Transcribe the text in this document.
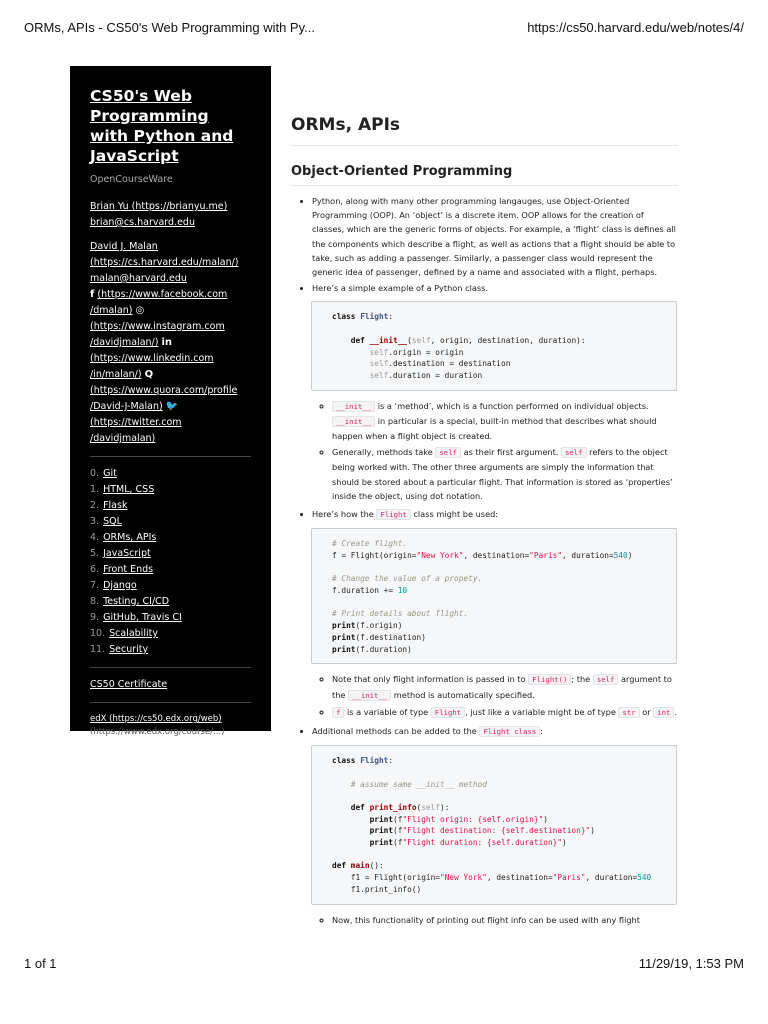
ORMs, APIs - CS50's Web Programming with Py...	https://cs50.harvard.edu/web/notes/4/
CS50's Web Programming with Python and JavaScript
OpenCourseWare
Brian Yu (https://brianyu.me)
brian@cs.harvard.edu
David J. Malan
(https://cs.harvard.edu/malan/)
malan@harvard.edu
f (https://www.facebook.com
/dmalan) ◎
(https://www.instagram.com
/davidjmalan/) in
(https://www.linkedin.com
/in/malan/) Q
(https://www.quora.com/profile
/David-J-Malan) 🐦
(https://twitter.com
/davidjmalan)
0. Git
1. HTML, CSS
2. Flask
3. SQL
4. ORMs, APIs
5. JavaScript
6. Front Ends
7. Django
8. Testing, CI/CD
9. GitHub, Travis CI
10. Scalability
11. Security
CS50 Certificate
edX (https://cs50.edx.org/web)
(https://www.edx.org/course/...)
ORMs, APIs
Object-Oriented Programming
• Python, along with many other programming langauges, use Object-Oriented Programming (OOP). An ‘object’ is a discrete item. OOP allows for the creation of classes, which are the generic forms of objects. For example, a ‘flight’ class is defines all the components which describe a flight, as well as actions that a flight should be able to take, such as adding a passenger. Similarly, a passenger class would represent the generic idea of passenger, defined by a name and associated with a flight, perhaps.
• Here’s a simple example of a Python class.
class Flight:

def __init__(self, origin, destination, duration):
self.origin = origin
self.destination = destination
self.duration = duration
◦ __init__ is a ‘method’, which is a function performed on individual objects. __init__ in particular is a special, built-in method that describes what should happen when a flight object is created.
◦ Generally, methods take self as their first argument. self refers to the object being worked with. The other three arguments are simply the information that should be stored about a particular flight. That information is stored as ‘properties’ inside the object, using dot notation.
• Here’s how the Flight class might be used:
# Create flight.
f = Flight(origin="New York", destination="Paris", duration=540)

# Change the value of a propety.
f.duration += 10

# Print details about flight.
print(f.origin)
print(f.destination)
print(f.duration)
◦ Note that only flight information is passed in to Flight() ; the self argument to the __init__ method is automatically specified.
◦ f is a variable of type Flight , just like a variable might be of type str or int .
• Additional methods can be added to the Flight class :
class Flight:

# assume same __init__ method

def print_info(self):
print(f"Flight origin: {self.origin}")
print(f"Flight destination: {self.destination}")
print(f"Flight duration: {self.duration}")

def main():
f1 = Flight(origin="New York", destination="Paris", duration=540
f1.print_info()
◦ Now, this functionality of printing out flight info can be used with any flight
1 of 1	11/29/19, 1:53 PM
